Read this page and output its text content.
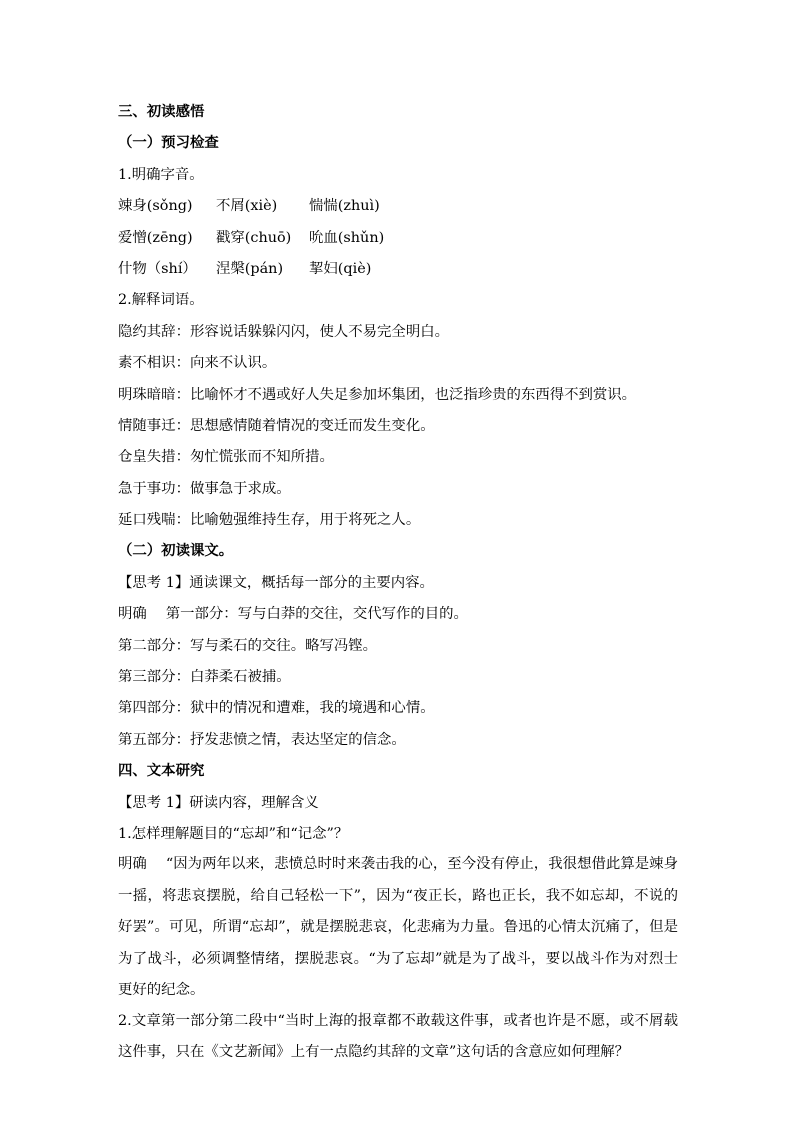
三、初读感悟
（一）预习检查
1.明确字音。
竦身(sǒng) 不屑(xiè) 惴惴(zhuì)
爱憎(zēng) 戳穿(chuō) 吮血(shǔn)
什物（shí） 涅槃(pán) 挈妇(qiè)
2.解释词语。
隐约其辞：形容说话躲躲闪闪，使人不易完全明白。
素不相识：向来不认识。
明珠暗暗：比喻怀才不遇或好人失足参加坏集团，也泛指珍贵的东西得不到赏识。
情随事迁：思想感情随着情况的变迁而发生变化。
仓皇失措：匆忙慌张而不知所措。
急于事功：做事急于求成。
延口残喘：比喻勉强维持生存，用于将死之人。
（二）初读课文。
【思考 1】通读课文，概括每一部分的主要内容。
明确　 第一部分：写与白莽的交往，交代写作的目的。
第二部分：写与柔石的交往。略写冯铿。
第三部分：白莽柔石被捕。
第四部分：狱中的情况和遭难，我的境遇和心情。
第五部分：抒发悲愤之情，表达坚定的信念。
四、文本研究
【思考 1】研读内容，理解含义
1.怎样理解题目的“忘却”和“记念”？
明确　 “因为两年以来，悲愤总时时来袭击我的心，至今没有停止，我很想借此算是竦身一摇，将悲哀摆脱，给自己轻松一下”，因为“夜正长，路也正长，我不如忘却，不说的好罢”。可见，所谓“忘却”，就是摆脱悲哀，化悲痛为力量。鲁迅的心情太沉痛了，但是为了战斗，必须调整情绪，摆脱悲哀。“为了忘却”就是为了战斗，要以战斗作为对烈士更好的纪念。
2.文章第一部分第二段中“当时上海的报章都不敢载这件事，或者也许是不愿，或不屑载这件事，只在《文艺新闻》上有一点隐约其辞的文章”这句话的含意应如何理解？
